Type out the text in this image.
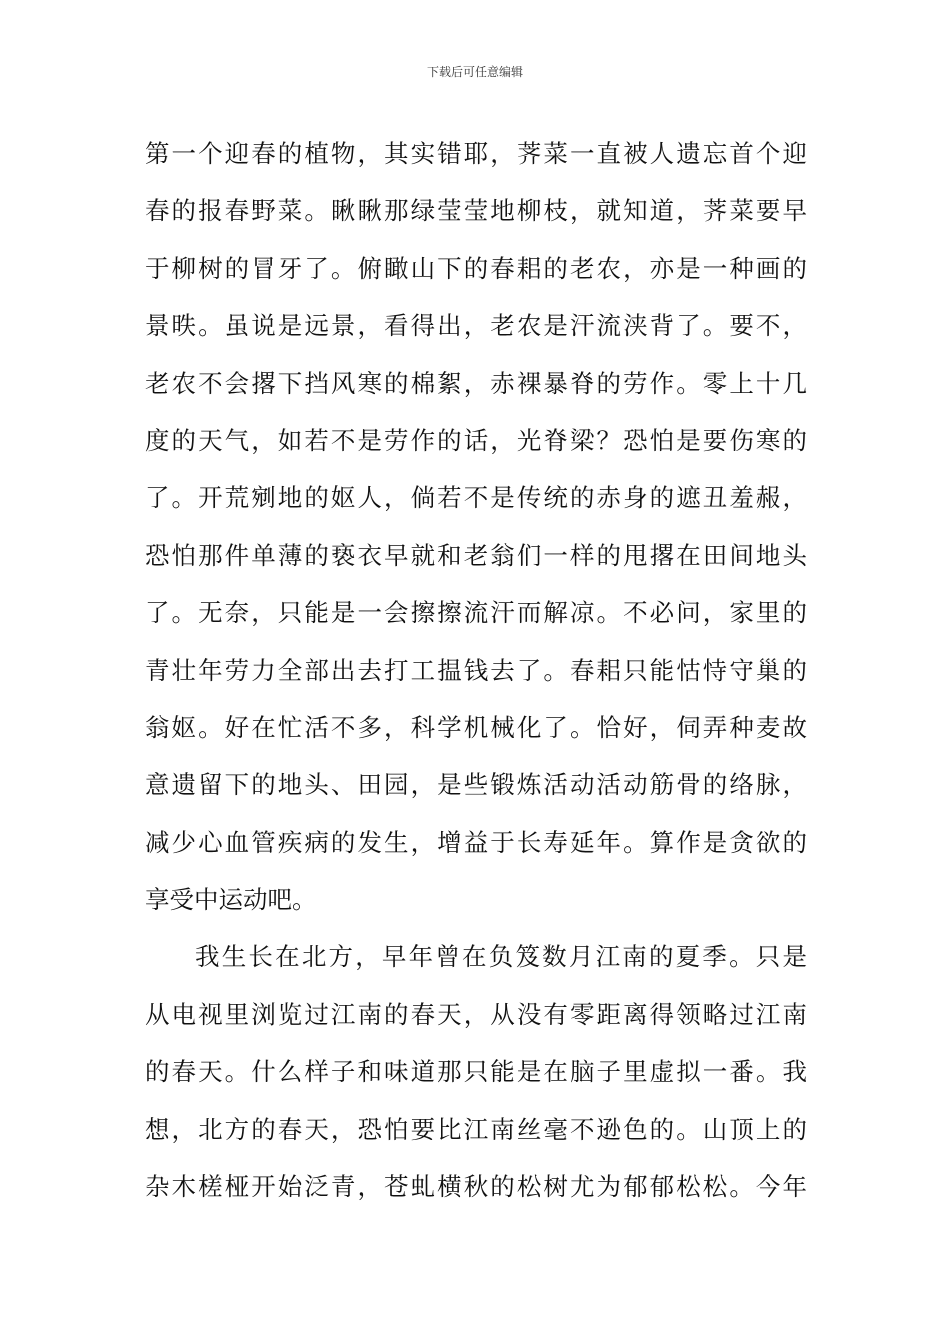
下载后可任意编辑
第一个迎春的植物，其实错耶，荠菜一直被人遗忘首个迎
春的报春野菜。瞅瞅那绿莹莹地柳枝，就知道，荠菜要早
于柳树的冒牙了。俯瞰山下的春耜的老农，亦是一种画的
景昳。虽说是远景，看得出，老农是汗流浃背了。要不，
老农不会撂下挡风寒的棉絮，赤裸暴脊的劳作。零上十几
度的天气，如若不是劳作的话，光脊梁？恐怕是要伤寒的
了。开荒剜地的妪人，倘若不是传统的赤身的遮丑羞赧，
恐怕那件单薄的亵衣早就和老翁们一样的甩撂在田间地头
了。无奈，只能是一会擦擦流汗而解凉。不必问，家里的
青壮年劳力全部出去打工揾钱去了。春耜只能怙恃守巢的
翁妪。好在忙活不多，科学机械化了。恰好，伺弄种麦故
意遗留下的地头、田园，是些锻炼活动活动筋骨的络脉，
减少心血管疾病的发生，增益于长寿延年。算作是贪欲的
享受中运动吧。
我生长在北方，早年曾在负笈数月江南的夏季。只是
从电视里浏览过江南的春天，从没有零距离得领略过江南
的春天。什么样子和味道那只能是在脑子里虚拟一番。我
想，北方的春天，恐怕要比江南丝毫不逊色的。山顶上的
杂木槎桠开始泛青，苍虬横秋的松树尤为郁郁松松。今年
